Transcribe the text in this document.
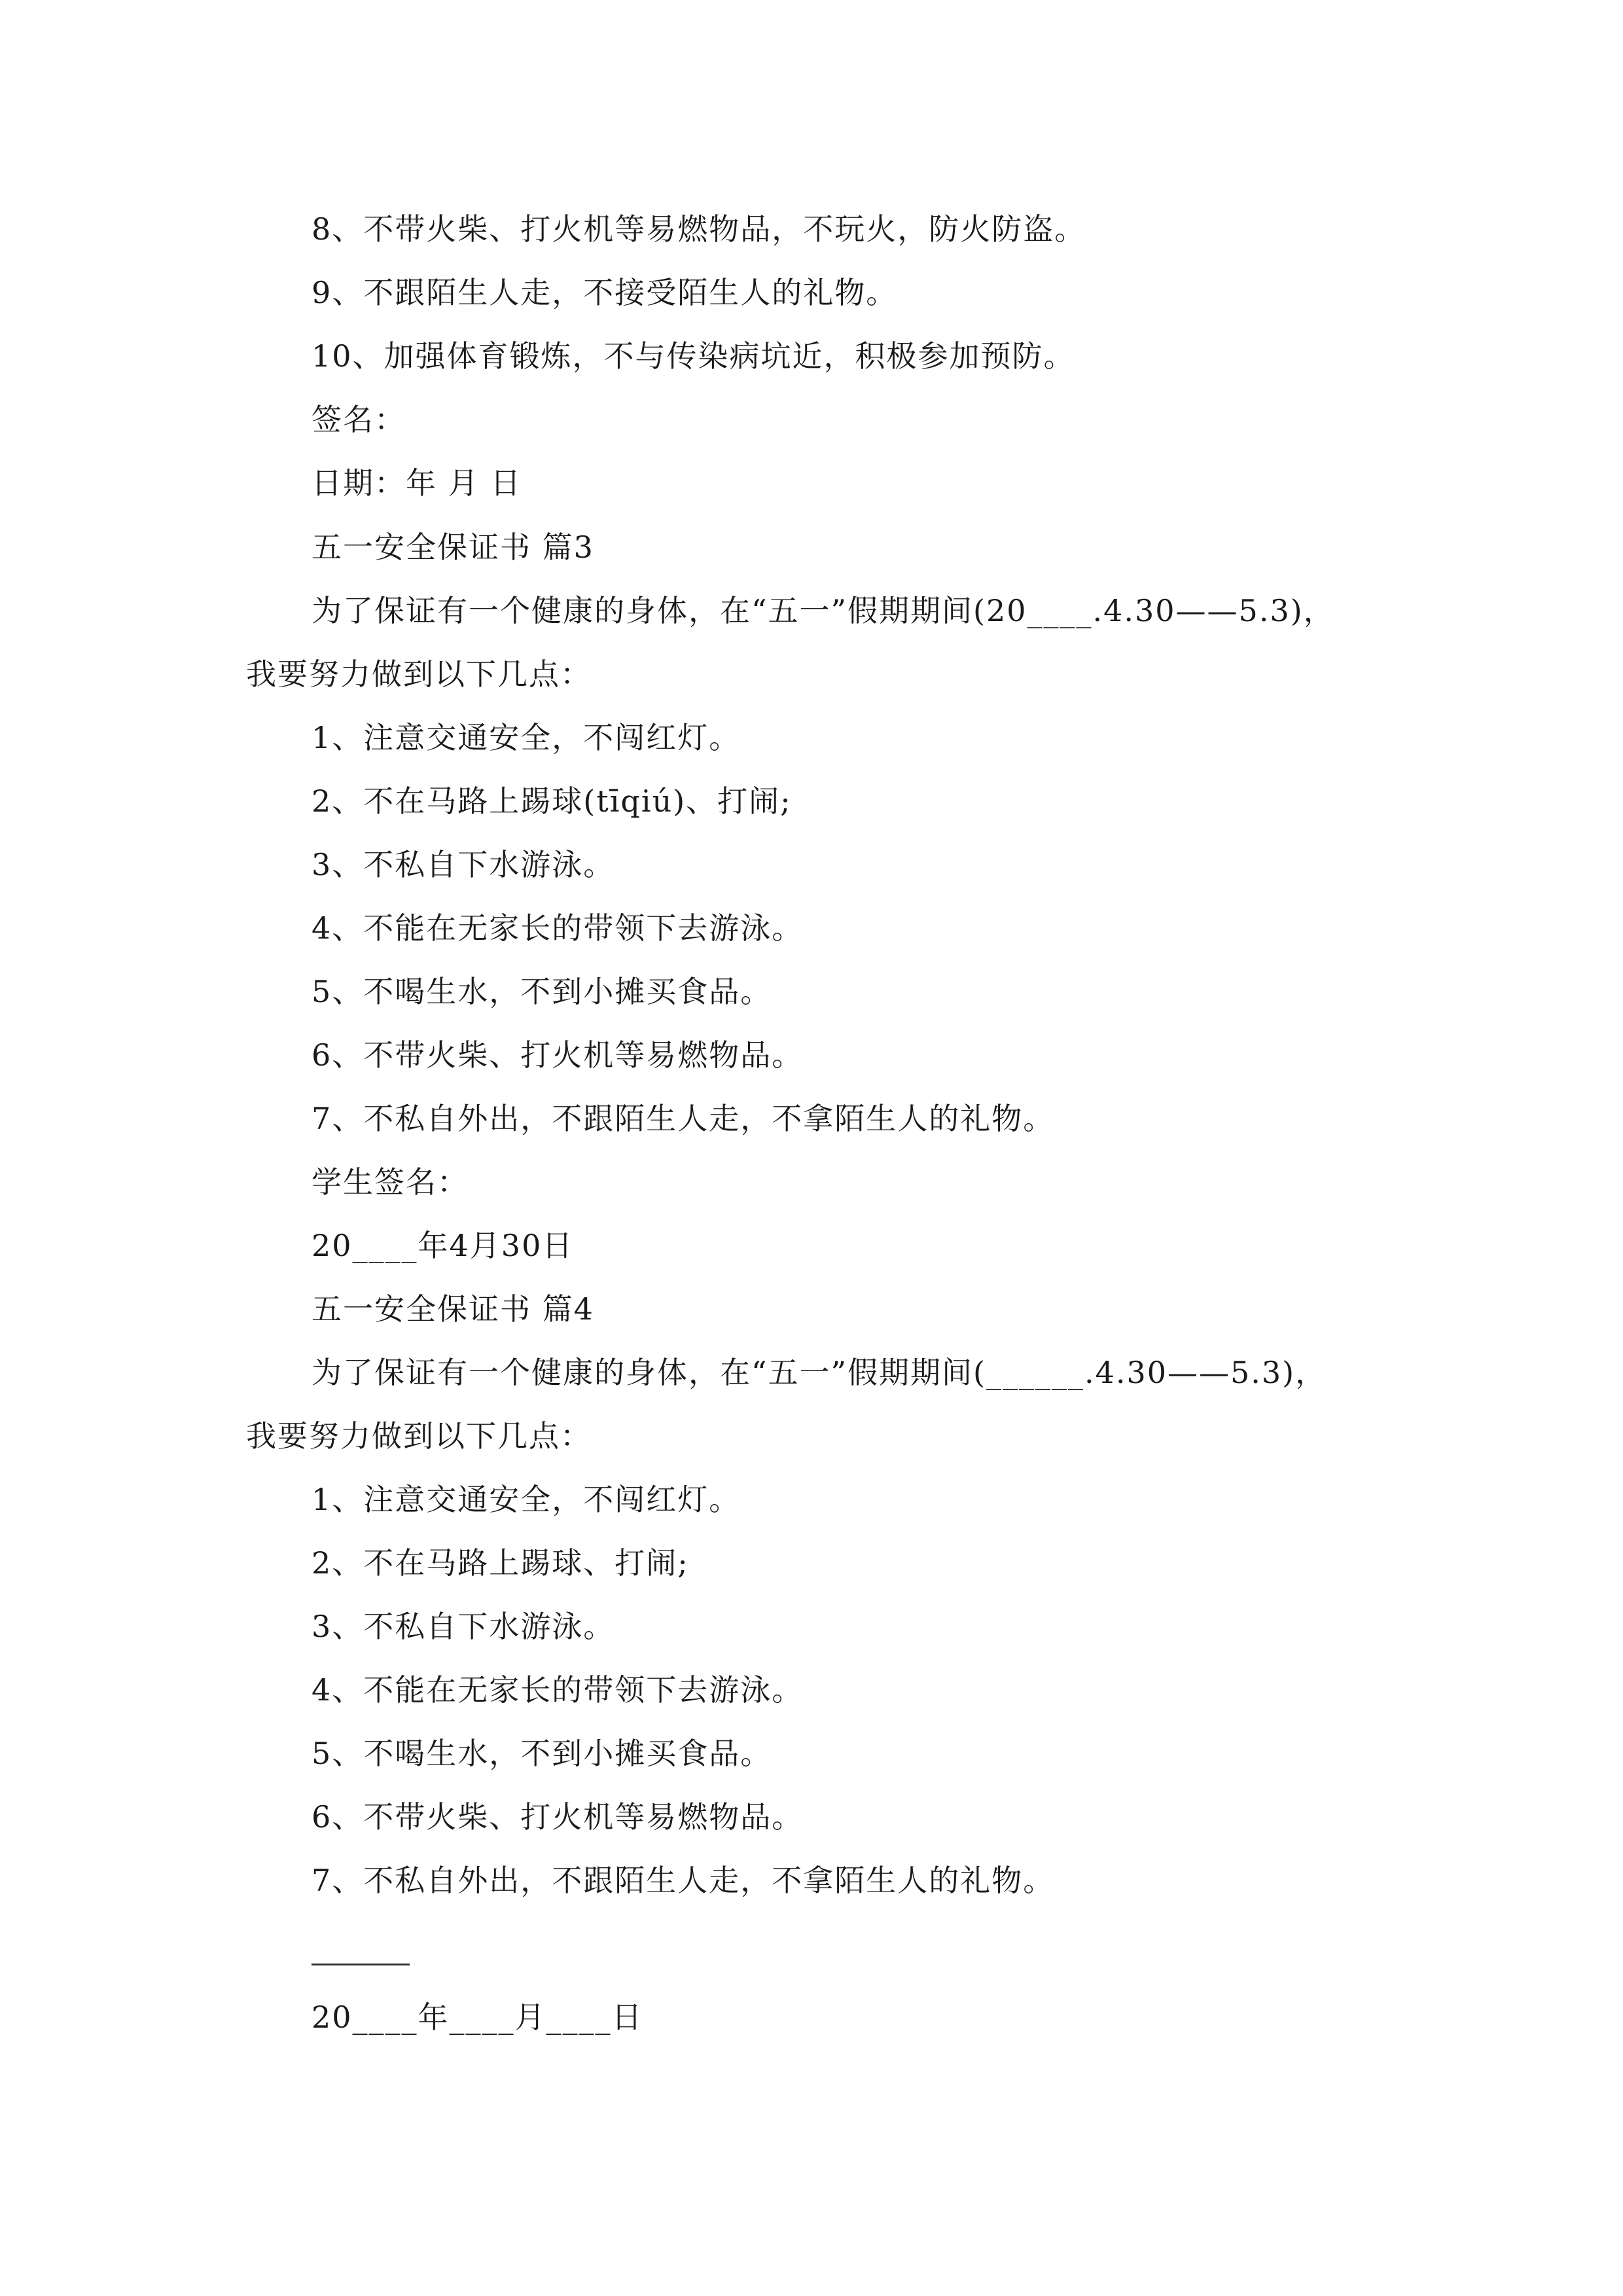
8、不带火柴、打火机等易燃物品，不玩火，防火防盗。
9、不跟陌生人走，不接受陌生人的礼物。
10、加强体育锻炼，不与传染病坑近，积极参加预防。
签名：
日期：年 月 日
五一安全保证书 篇3
为了保证有一个健康的身体，在“五一”假期期间(20____.4.30——5.3)，
我要努力做到以下几点：
1、注意交通安全，不闯红灯。
2、不在马路上踢球(tīqiú)、打闹;
3、不私自下水游泳。
4、不能在无家长的带领下去游泳。
5、不喝生水，不到小摊买食品。
6、不带火柴、打火机等易燃物品。
7、不私自外出，不跟陌生人走，不拿陌生人的礼物。
学生签名：
20____年4月30日
五一安全保证书 篇4
为了保证有一个健康的身体，在“五一”假期期间(______.4.30——5.3)，
我要努力做到以下几点：
1、注意交通安全，不闯红灯。
2、不在马路上踢球、打闹;
3、不私自下水游泳。
4、不能在无家长的带领下去游泳。
5、不喝生水，不到小摊买食品。
6、不带火柴、打火机等易燃物品。
7、不私自外出，不跟陌生人走，不拿陌生人的礼物。
20____年____月____日
